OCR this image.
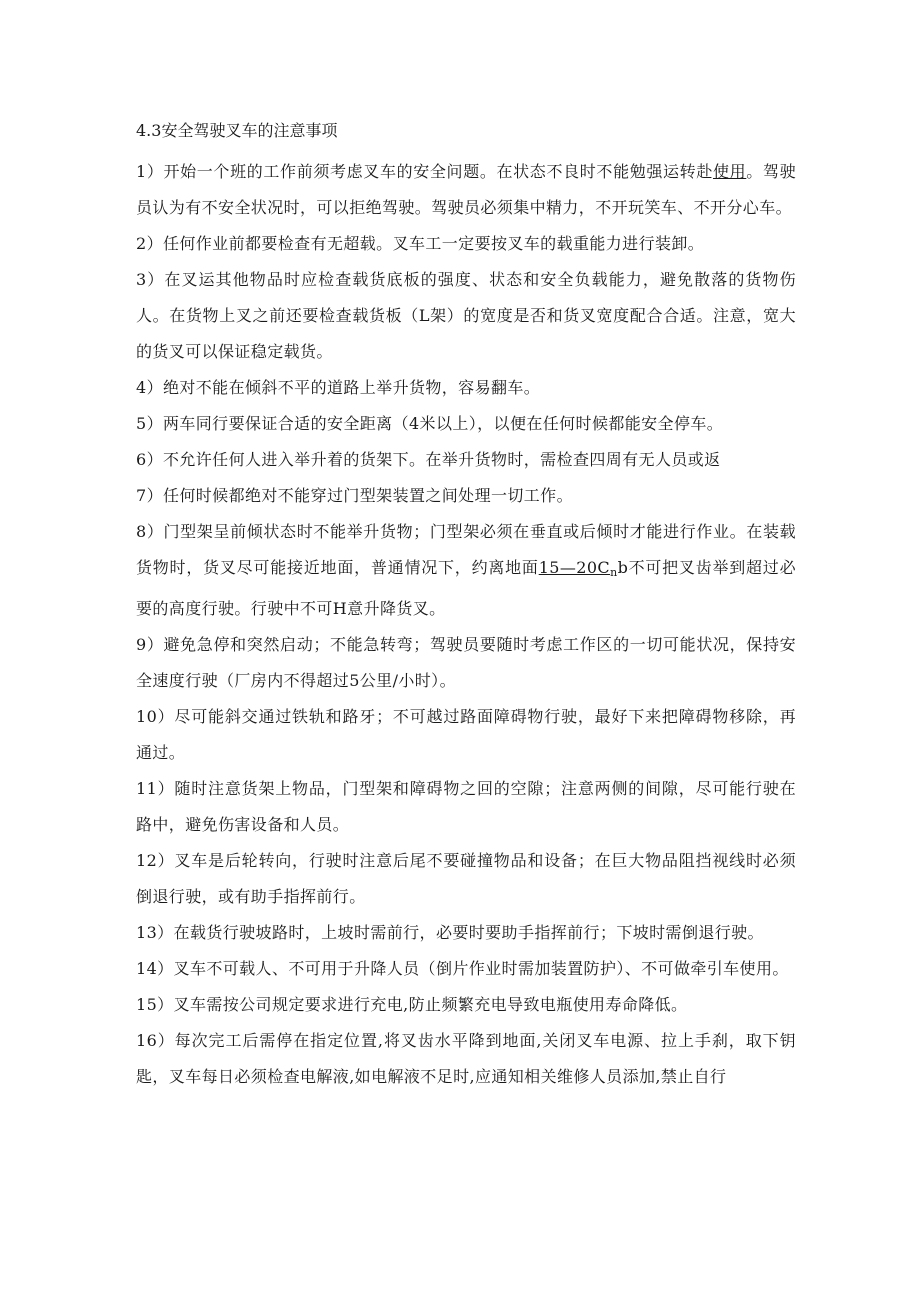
4.3安全驾驶叉车的注意事项

1）开始一个班的工作前须考虑叉车的安全问题。在状态不良时不能勉强运转赴使用。驾驶员认为有不安全状况时，可以拒绝驾驶。驾驶员必须集中精力，不开玩笑车、不开分心车。

2）任何作业前都要检查有无超载。叉车工一定要按叉车的载重能力进行装卸。

3）在叉运其他物品时应检查载货底板的强度、状态和安全负载能力，避免散落的货物伤人。在货物上叉之前还要检查载货板（L架）的宽度是否和货叉宽度配合合适。注意，宽大的货叉可以保证稳定载货。

4）绝对不能在倾斜不平的道路上举升货物，容易翻车。

5）两车同行要保证合适的安全距离（4米以上），以便在任何时候都能安全停车。

6）不允许任何人进入举升着的货架下。在举升货物时，需检查四周有无人员或返

7）任何时候都绝对不能穿过门型架装置之间处理一切工作。

8）门型架呈前倾状态时不能举升货物；门型架必须在垂直或后倾时才能进行作业。在装载货物时，货叉尽可能接近地面，普通情况下，约离地面$15—20C_nb$不可把叉齿举到超过必要的高度行驶。行驶中不可H意升降货叉。

9）避免急停和突然启动；不能急转弯；驾驶员要随时考虑工作区的一切可能状况，保持安全速度行驶（厂房内不得超过5公里/小时）。

10）尽可能斜交通过铁轨和路牙；不可越过路面障碍物行驶，最好下来把障碍物移除，再通过。

11）随时注意货架上物品，门型架和障碍物之回的空隙；注意两侧的间隙，尽可能行驶在路中，避免伤害设备和人员。

12）叉车是后轮转向，行驶时注意后尾不要碰撞物品和设备；在巨大物品阻挡视线时必须倒退行驶，或有助手指挥前行。

13）在载货行驶坡路时，上坡时需前行，必要时要助手指挥前行；下坡时需倒退行驶。

14）叉车不可载人、不可用于升降人员（倒片作业时需加装置防护）、不可做牵引车使用。

15）叉车需按公司规定要求进行充电,防止频繁充电导致电瓶使用寿命降低。

16）每次完工后需停在指定位置,将叉齿水平降到地面,关闭叉车电源、拉上手刹，取下钥匙，叉车每日必须检查电解液,如电解液不足时,应通知相关维修人员添加,禁止自行
